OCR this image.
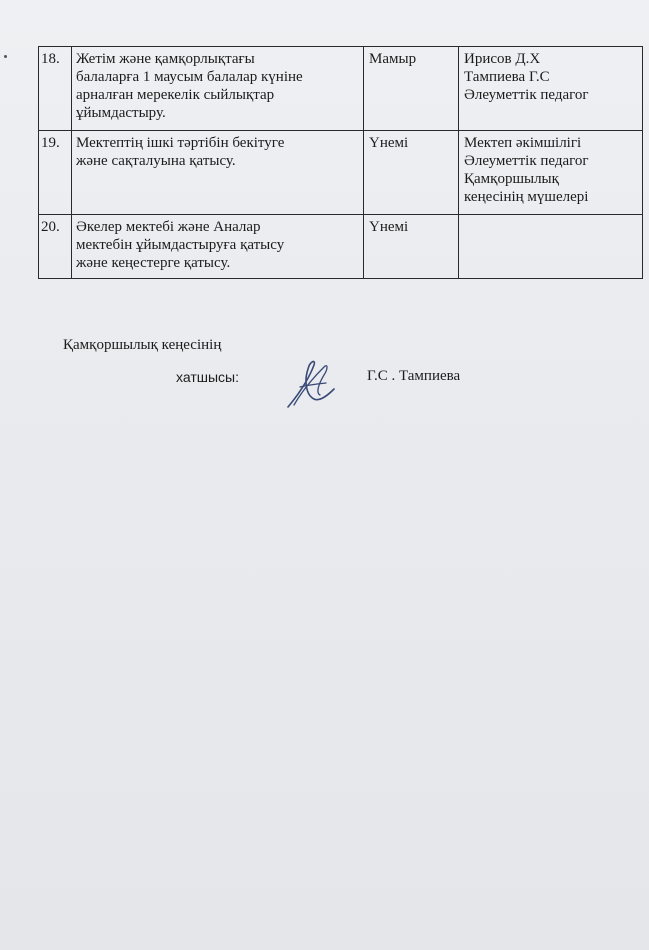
18.	Жетім және қамқорлықтағы
балаларға 1 маусым балалар күніне
арналған мерекелік сыйлықтар
ұйымдастыру.	Мамыр	Ирисов Д.Х
Тампиева Г.С
Әлеуметтік педагог
19.	Мектептің ішкі тәртібін бекітуге
және сақталуына қатысу.	Үнемі	Мектеп әкімшілігі
Әлеуметтік педагог
Қамқоршылық
кеңесінің мүшелері
20.	Әкелер мектебі және Аналар
мектебін ұйымдастыруға қатысу
және кеңестерге қатысу.	Үнемі	
Қамқоршылық кеңесінің
хатшысы:	Г.С . Тампиева
